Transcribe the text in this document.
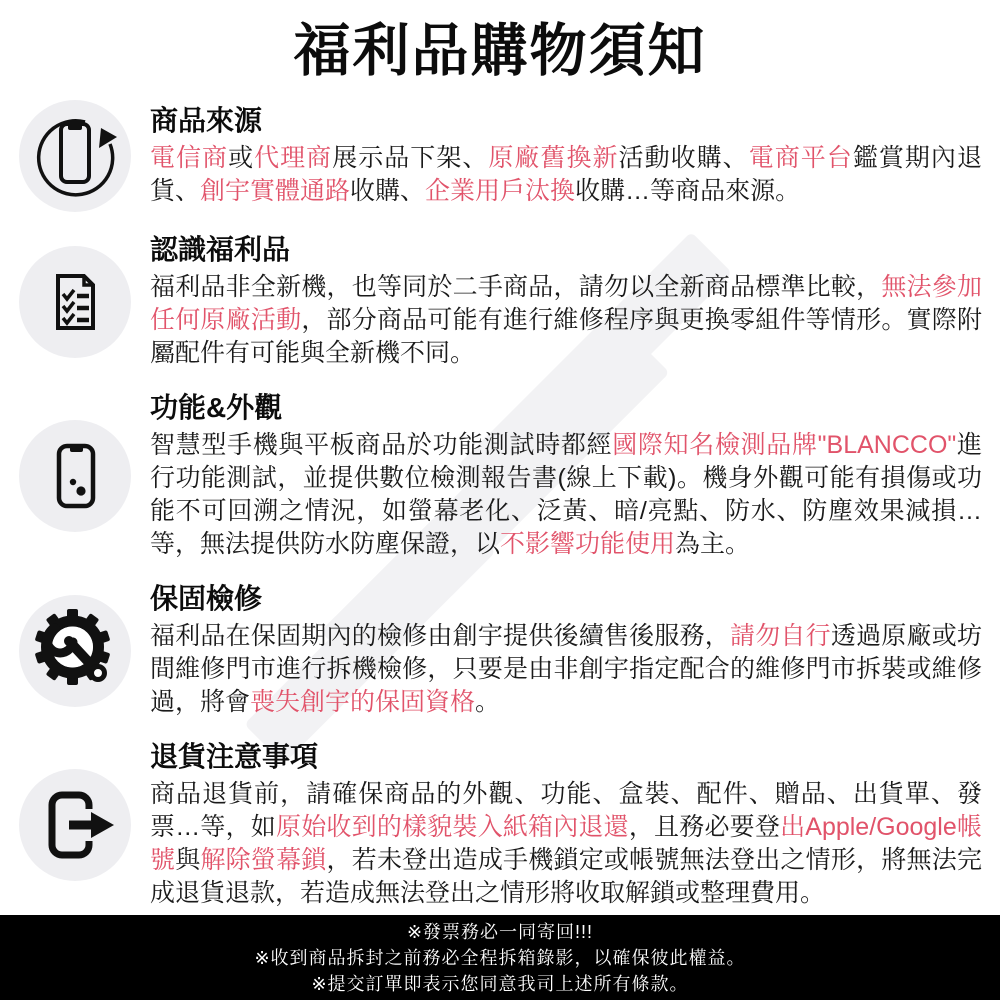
福利品購物須知
商品來源
電信商或代理商展示品下架、原廠舊換新活動收購、電商平台鑑賞期內退貨、創宇實體通路收購、企業用戶汰換收購…等商品來源。
認識福利品
福利品非全新機，也等同於二手商品，請勿以全新商品標準比較，無法參加任何原廠活動，部分商品可能有進行維修程序與更換零組件等情形。實際附屬配件有可能與全新機不同。
功能&外觀
智慧型手機與平板商品於功能測試時都經國際知名檢測品牌"BLANCCO"進行功能測試，並提供數位檢測報告書(線上下載)。機身外觀可能有損傷或功能不可回溯之情況，如螢幕老化、泛黃、暗/亮點、防水、防塵效果減損…等，無法提供防水防塵保證，以不影響功能使用為主。
保固檢修
福利品在保固期內的檢修由創宇提供後續售後服務，請勿自行透過原廠或坊間維修門市進行拆機檢修，只要是由非創宇指定配合的維修門市拆裝或維修過，將會喪失創宇的保固資格。
退貨注意事項
商品退貨前，請確保商品的外觀、功能、盒裝、配件、贈品、出貨單、發票…等，如原始收到的樣貌裝入紙箱內退還，且務必要登出Apple/Google帳號與解除螢幕鎖，若未登出造成手機鎖定或帳號無法登出之情形，將無法完成退貨退款，若造成無法登出之情形將收取解鎖或整理費用。
※發票務必一同寄回!!!
※收到商品拆封之前務必全程拆箱錄影，以確保彼此權益。
※提交訂單即表示您同意我司上述所有條款。
